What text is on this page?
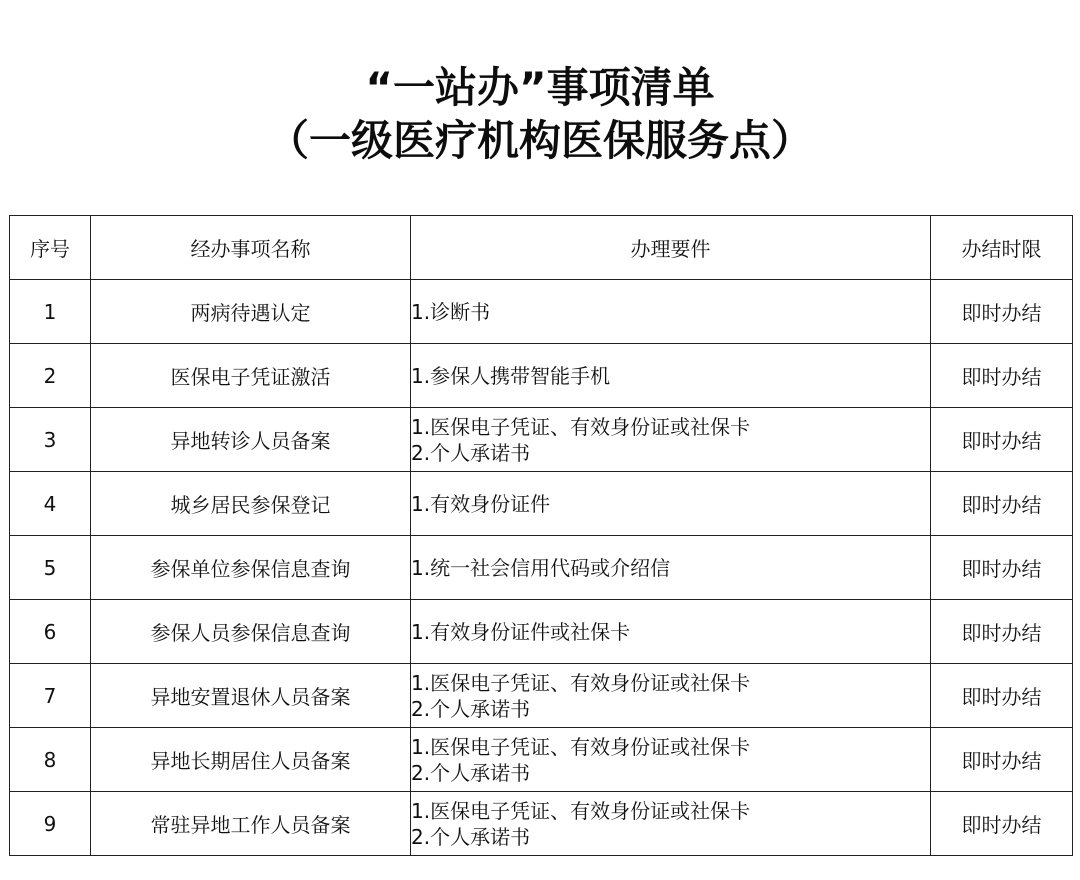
“一站办”事项清单
（一级医疗机构医保服务点）
序号	经办事项名称	办理要件	办结时限
1	两病待遇认定	1.诊断书	即时办结
2	医保电子凭证激活	1.参保人携带智能手机	即时办结
3	异地转诊人员备案	1.医保电子凭证、有效身份证或社保卡
2.个人承诺书	即时办结
4	城乡居民参保登记	1.有效身份证件	即时办结
5	参保单位参保信息查询	1.统一社会信用代码或介绍信	即时办结
6	参保人员参保信息查询	1.有效身份证件或社保卡	即时办结
7	异地安置退休人员备案	1.医保电子凭证、有效身份证或社保卡
2.个人承诺书	即时办结
8	异地长期居住人员备案	1.医保电子凭证、有效身份证或社保卡
2.个人承诺书	即时办结
9	常驻异地工作人员备案	1.医保电子凭证、有效身份证或社保卡
2.个人承诺书	即时办结
